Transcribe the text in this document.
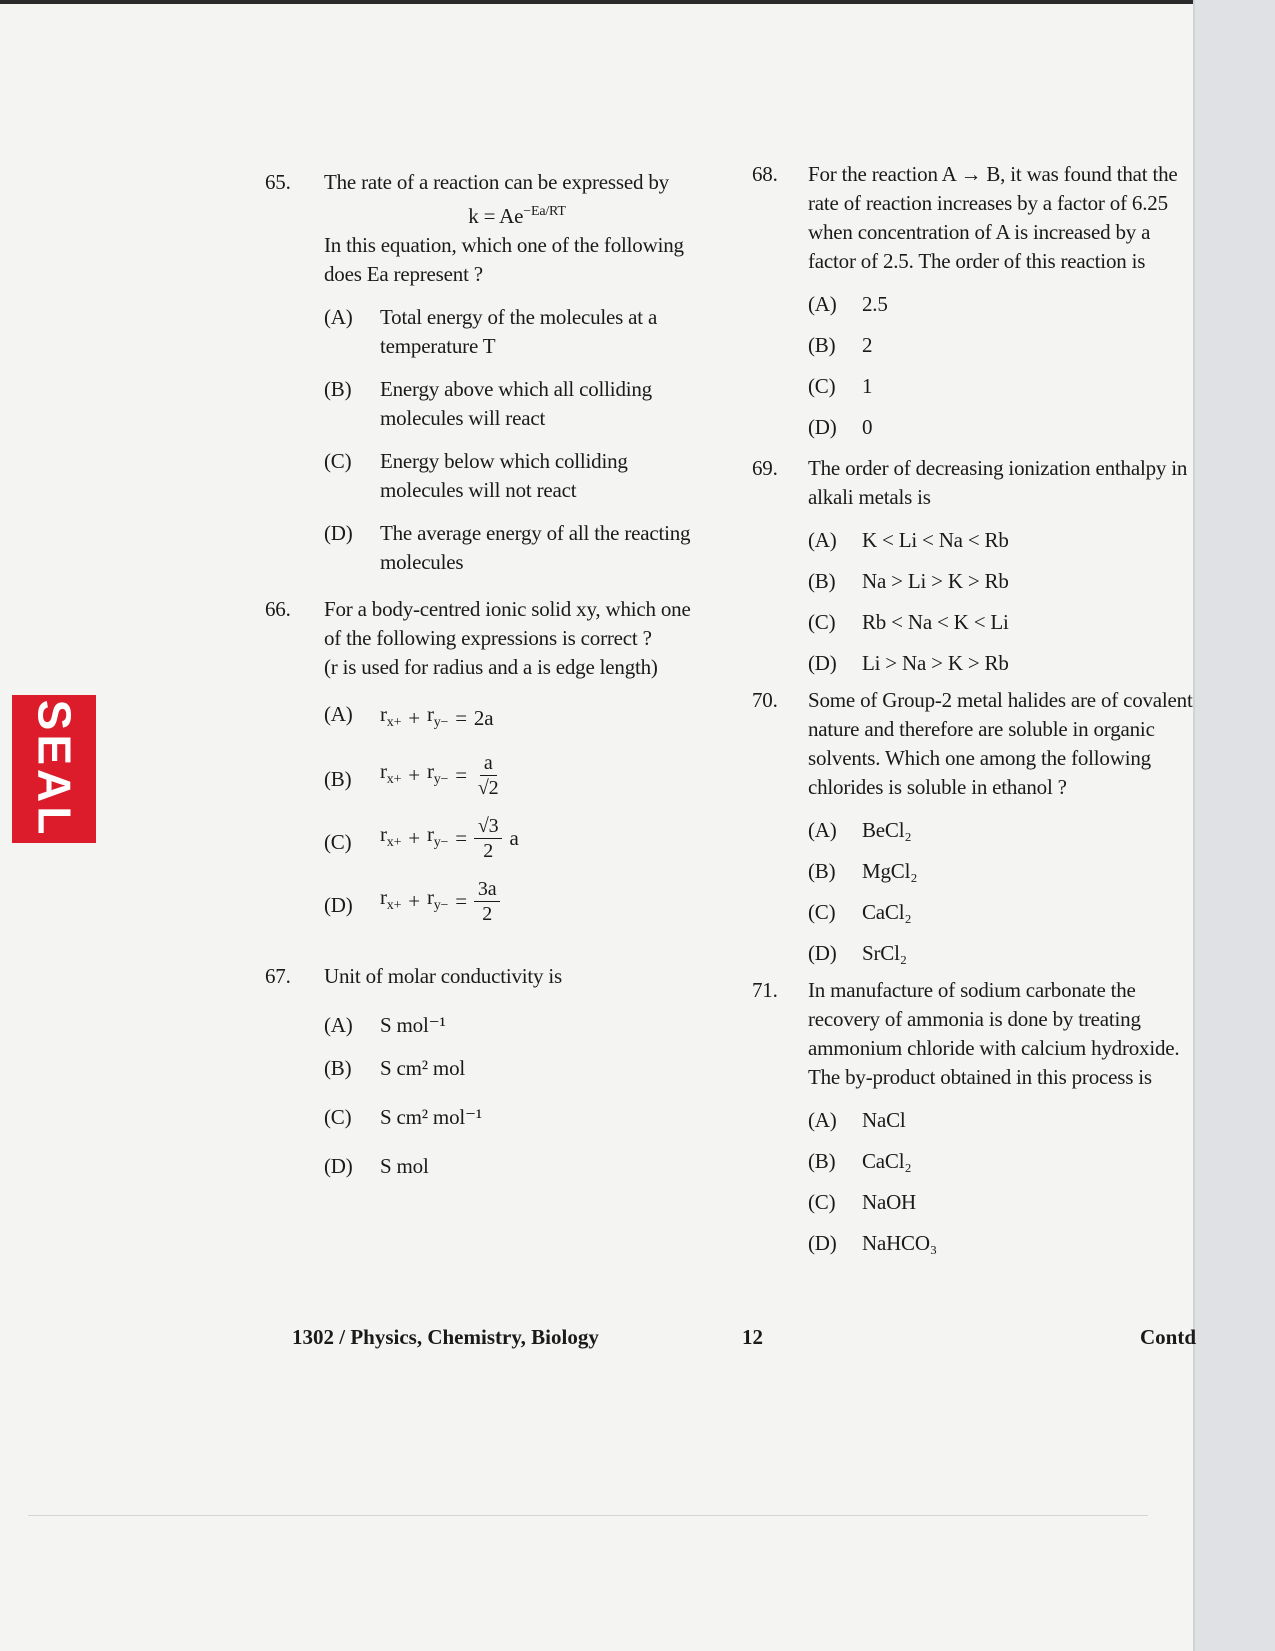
SEAL
65. The rate of a reaction can be expressed by
$k = Ae^{-Ea/RT}$
In this equation, which one of the following does Ea represent ?
(A) Total energy of the molecules at a temperature T
(B) Energy above which all colliding molecules will react
(C) Energy below which colliding molecules will not react
(D) The average energy of all the reacting molecules
66. For a body-centred ionic solid xy, which one of the following expressions is correct ?
(r is used for radius and a is edge length)
(A) $r_{x+} + r_{y-} = 2a$
(B) $r_{x+} + r_{y-} = \frac{a}{√2}$
(C) $r_{x+} + r_{y-} = \frac{√3}{2}$ a
(D) $r_{x+} + r_{y-} = \frac{3a}{2}$
67. Unit of molar conductivity is
(A) S mol⁻¹
(B) S cm² mol
(C) S cm² mol⁻¹
(D) S mol
68. For the reaction A → B, it was found that the rate of reaction increases by a factor of 6.25 when concentration of A is increased by a factor of 2.5. The order of this reaction is
(A) 2.5
(B) 2
(C) 1
(D) 0
69. The order of decreasing ionization enthalpy in alkali metals is
(A) K < Li < Na < Rb
(B) Na > Li > K > Rb
(C) Rb < Na < K < Li
(D) Li > Na > K > Rb
70. Some of Group-2 metal halides are of covalent nature and therefore are soluble in organic solvents. Which one among the following chlorides is soluble in ethanol ?
(A) BeCl₂
(B) MgCl₂
(C) CaCl₂
(D) SrCl₂
71. In manufacture of sodium carbonate the recovery of ammonia is done by treating ammonium chloride with calcium hydroxide. The by-product obtained in this process is
(A) NaCl
(B) CaCl₂
(C) NaOH
(D) NaHCO₃
1302 / Physics, Chemistry, Biology	12	Contd
